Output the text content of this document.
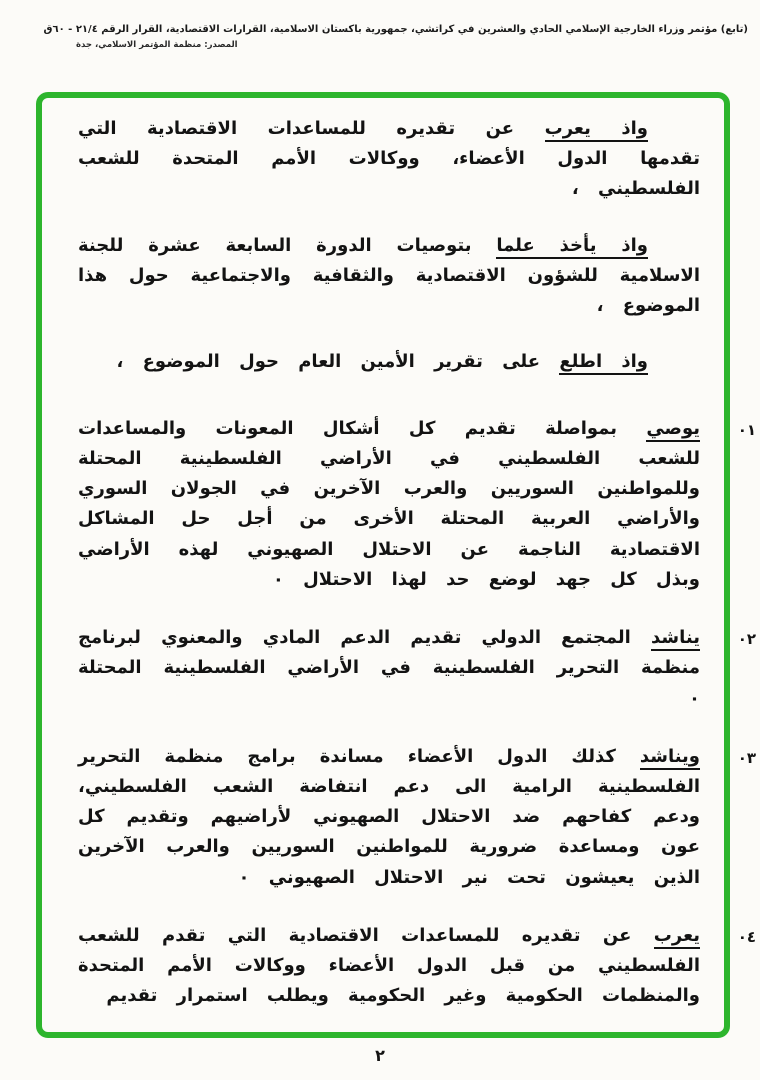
(تابع) مؤتمر وزراء الخارجية الإسلامي الحادي والعشرين في كراتشي، جمهورية باكستان الاسلامية، القرارات الاقتصادية، القرار الرقم ٢١/٤ - ٦٠ق
المصدر: منظمة المؤتمر الاسلامي، جدة

واذ يعرب عن تقديره للمساعدات الاقتصادية التي تقدمها الدول الأعضاء، ووكالات الأمم المتحدة للشعب الفلسطيني ،

واذ يأخذ علما بتوصيات الدورة السابعة عشرة للجنة الاسلامية للشؤون الاقتصادية والثقافية والاجتماعية حول هذا الموضوع ،

واذ اطلع على تقرير الأمين العام حول الموضوع ،

٠١

يوصي بمواصلة تقديم كل أشكال المعونات والمساعدات للشعب الفلسطيني في الأراضي الفلسطينية المحتلة وللمواطنين السوريين والعرب الآخرين في الجولان السوري والأراضي العربية المحتلة الأخرى من أجل حل المشاكل الاقتصادية الناجمة عن الاحتلال الصهيوني لهذه الأراضي وبذل كل جهد لوضع حد لهذا الاحتلال ٠

٠٢

يناشد المجتمع الدولي تقديم الدعم المادي والمعنوي لبرنامج منظمة التحرير الفلسطينية في الأراضي الفلسطينية المحتلة ٠

٠٣

ويناشد كذلك الدول الأعضاء مساندة برامج منظمة التحرير الفلسطينية الرامية الى دعم انتفاضة الشعب الفلسطيني، ودعم كفاحهم ضد الاحتلال الصهيوني لأراضيهم وتقديم كل عون ومساعدة ضرورية للمواطنين السوريين والعرب الآخرين الذين يعيشون تحت نير الاحتلال الصهيوني ٠

٠٤

يعرب عن تقديره للمساعدات الاقتصادية التي تقدم للشعب الفلسطيني من قبل الدول الأعضاء ووكالات الأمم المتحدة والمنظمات الحكومية وغير الحكومية ويطلب استمرار تقديم

٢
